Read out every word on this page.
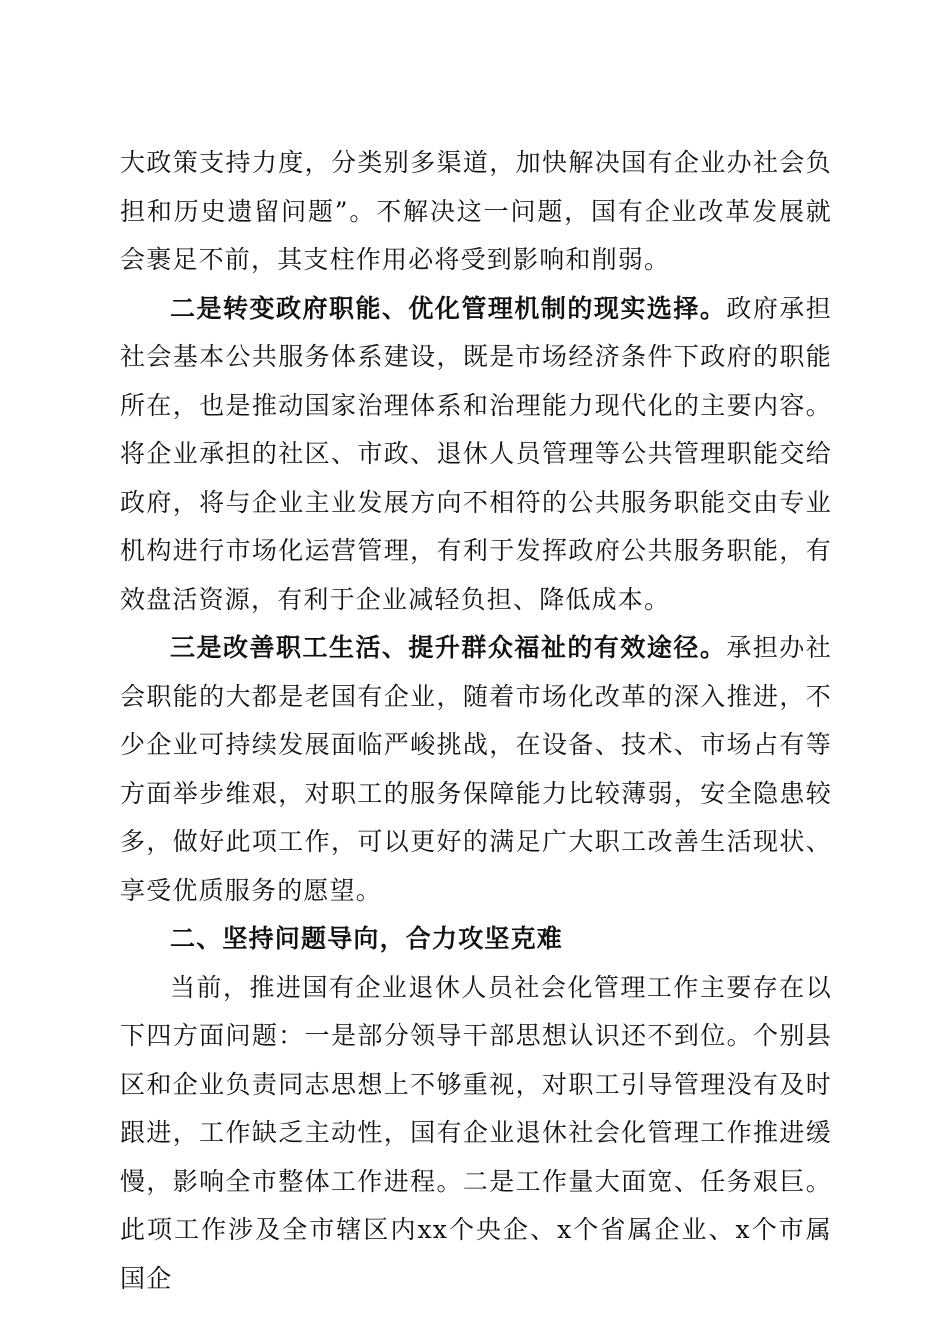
大政策支持力度，分类别多渠道，加快解决国有企业办社会负担和历史遗留问题”。不解决这一问题，国有企业改革发展就会裹足不前，其支柱作用必将受到影响和削弱。

二是转变政府职能、优化管理机制的现实选择。政府承担社会基本公共服务体系建设，既是市场经济条件下政府的职能所在，也是推动国家治理体系和治理能力现代化的主要内容。将企业承担的社区、市政、退休人员管理等公共管理职能交给政府，将与企业主业发展方向不相符的公共服务职能交由专业机构进行市场化运营管理，有利于发挥政府公共服务职能，有效盘活资源，有利于企业减轻负担、降低成本。

三是改善职工生活、提升群众福祉的有效途径。承担办社会职能的大都是老国有企业，随着市场化改革的深入推进，不少企业可持续发展面临严峻挑战，在设备、技术、市场占有等方面举步维艰，对职工的服务保障能力比较薄弱，安全隐患较多，做好此项工作，可以更好的满足广大职工改善生活现状、享受优质服务的愿望。

二、坚持问题导向，合力攻坚克难

当前，推进国有企业退休人员社会化管理工作主要存在以下四方面问题：一是部分领导干部思想认识还不到位。个别县区和企业负责同志思想上不够重视，对职工引导管理没有及时跟进，工作缺乏主动性，国有企业退休社会化管理工作推进缓慢，影响全市整体工作进程。二是工作量大面宽、任务艰巨。此项工作涉及全市辖区内xx个央企、x个省属企业、x个市属国企
